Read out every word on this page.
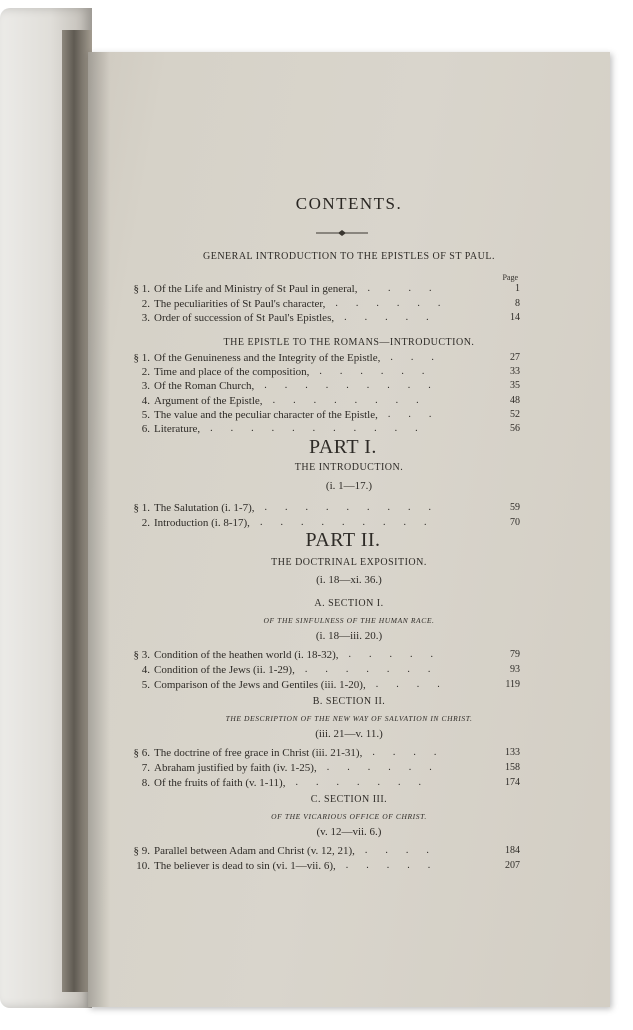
CONTENTS.
Page
GENERAL INTRODUCTION TO THE EPISTLES OF ST PAUL.
§ 1. Of the Life and Ministry of St Paul in general, ....	1
2. The peculiarities of St Paul's character, ......	8
3. Order of succession of St Paul's Epistles, .....	14
THE EPISTLE TO THE ROMANS—INTRODUCTION.
§ 1. Of the Genuineness and the Integrity of the Epistle, ...	27
2. Time and place of the composition, ......	33
3. Of the Roman Church, .........	35
4. Argument of the Epistle, ........	48
5. The value and the peculiar character of the Epistle, ...	52
6. Literature, ...........	56
PART I.
THE INTRODUCTION.
(i. 1—17.)
§ 1. The Salutation (i. 1-7), .........	59
2. Introduction (i. 8-17), .........	70
PART II.
THE DOCTRINAL EXPOSITION.
(i. 18—xi. 36.)
A. SECTION I.
OF THE SINFULNESS OF THE HUMAN RACE.
(i. 18—iii. 20.)
§ 3. Condition of the heathen world (i. 18-32), .....	79
4. Condition of the Jews (ii. 1-29), .......	93
5. Comparison of the Jews and Gentiles (iii. 1-20), ....	119
B. SECTION II.
THE DESCRIPTION OF THE NEW WAY OF SALVATION IN CHRIST.
(iii. 21—v. 11.)
§ 6. The doctrine of free grace in Christ (iii. 21-31), ....	133
7. Abraham justified by faith (iv. 1-25), ......	158
8. Of the fruits of faith (v. 1-11), .......	174
C. SECTION III.
OF THE VICARIOUS OFFICE OF CHRIST.
(v. 12—vii. 6.)
§ 9. Parallel between Adam and Christ (v. 12, 21), ....	184
10. The believer is dead to sin (vi. 1—vii. 6), .....	207
